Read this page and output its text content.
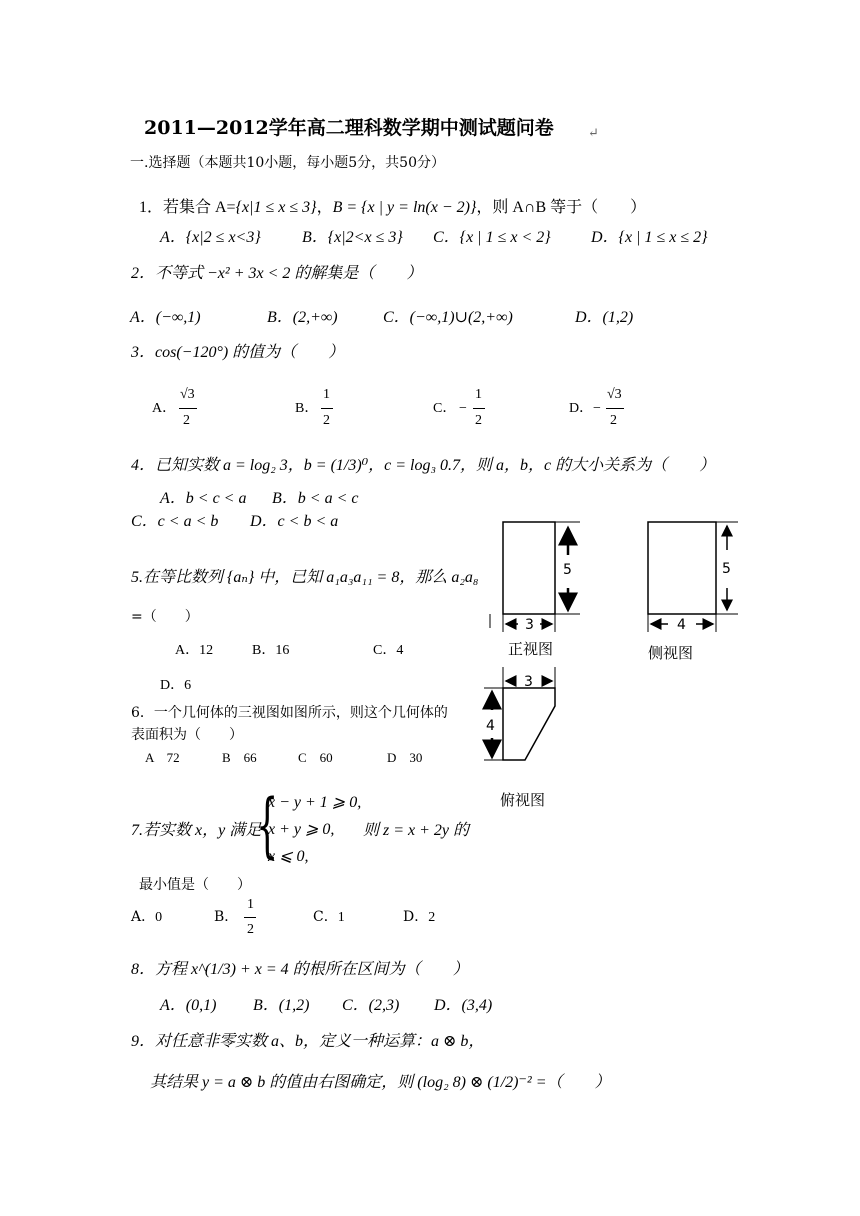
2011—2012学年高二理科数学期中测试题问卷	↵
一.选择题（本题共10小题，每小题5分，共50分）

1．若集合 A={x|1 ≤ x ≤ 3}，B = {x | y = ln(x − 2)}，则 A∩B 等于（　　）

A．{x|2 ≤ x<3}	B．{x|2<x ≤ 3} C．{x | 1 ≤ x < 2}	D．{x | 1 ≤ x ≤ 2}
2．不等式 −x² + 3x < 2 的解集是（　　）
A．(−∞,1)	B．(2,+∞)	C．(−∞,1)∪(2,+∞)	D．(1,2)
3．cos(−120°) 的值为（　　）
A．
√3
2
B．
1
2
C． −
1
2
D． −
√3
2
4．已知实数 a = log₂ 3，b = (1/3)⁰，c = log₃ 0.7，则 a，b，c 的大小关系为（　　）
A．b < c < a B．b < a < c
C．c < a < b D．c < b < a
5.在等比数列 {aₙ} 中，已知 a₁a₃a₁₁ = 8，那么 a₂a₈
=（　　）
A．12	B．16	C．4
D．6
6．一个几何体的三视图如图所示，则这个几何体的
表面积为（　　）
A　72	B　66	C　60	D　30
5
3
正视图
5
4
侧视图
3
4
俯视图
7.若实数 x，y 满足
{
x − y + 1 ⩾ 0,
x + y ⩾ 0,
x ⩽ 0,
则 z = x + 2y 的
最小值是（　　）
A．0	B．
1
2
C．1	D．2
8．方程 x^(1/3) + x = 4 的根所在区间为（　　）
A．(0,1) B．(1,2) C．(2,3) D．(3,4)
9．对任意非零实数 a、b，定义一种运算：a ⊗ b，
其结果 y = a ⊗ b 的值由右图确定，则 (log₂ 8) ⊗ (1/2)⁻² =（　　）
